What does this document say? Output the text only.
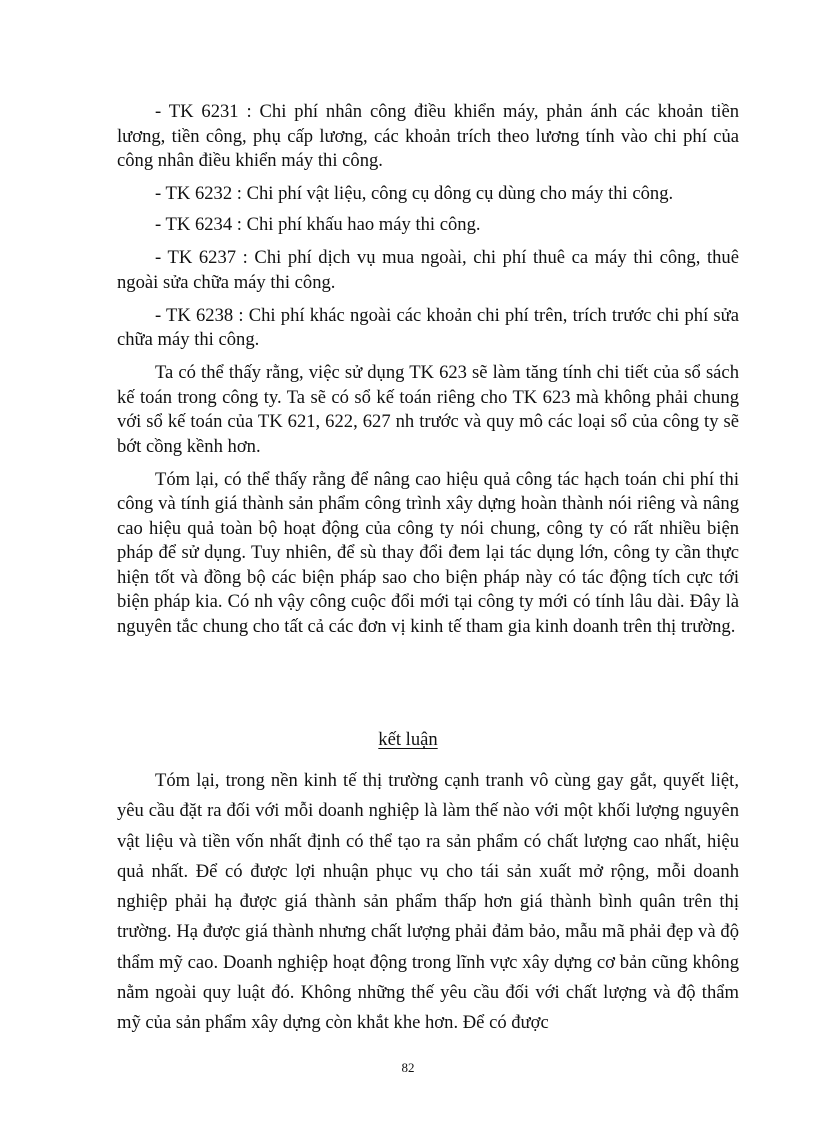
- TK 6231 : Chi phí nhân công điều khiển máy, phản ánh các khoản tiền lương, tiền công, phụ cấp lương, các khoản trích theo lương tính vào chi phí của công nhân điều khiển máy thi công.

- TK 6232 : Chi phí vật liệu, công cụ dông cụ dùng cho máy thi công.

- TK 6234 : Chi phí khấu hao máy thi công.

- TK 6237 : Chi phí dịch vụ mua ngoài, chi phí thuê ca máy thi công, thuê ngoài sửa chữa máy thi công.

- TK 6238 : Chi phí khác ngoài các khoản chi phí trên, trích trước chi phí sửa chữa máy thi công.

Ta có thể thấy rằng, việc sử dụng TK 623 sẽ làm tăng tính chi tiết của sổ sách kế toán trong công ty. Ta sẽ có sổ kế toán riêng cho TK 623 mà không phải chung với sổ kế toán của TK 621, 622, 627 nh trước và quy mô các loại sổ của công ty sẽ bớt cồng kềnh hơn.

Tóm lại, có thể thấy rằng để nâng cao hiệu quả công tác hạch toán chi phí thi công và tính giá thành sản phẩm công trình xây dựng hoàn thành nói riêng và nâng cao hiệu quả toàn bộ hoạt động của công ty nói chung, công ty có rất nhiều biện pháp để sử dụng. Tuy nhiên, để sù thay đổi đem lại tác dụng lớn, công ty cần thực hiện tốt và đồng bộ các biện pháp sao cho biện pháp này có tác động tích cực tới biện pháp kia. Có nh vậy công cuộc đổi mới tại công ty mới có tính lâu dài. Đây là nguyên tắc chung cho tất cả các đơn vị kinh tế tham gia kinh doanh trên thị trường.

kết luận

Tóm lại, trong nền kinh tế thị trường cạnh tranh vô cùng gay gắt, quyết liệt, yêu cầu đặt ra đối với mỗi doanh nghiệp là làm thế nào với một khối lượng nguyên vật liệu và tiền vốn nhất định có thể tạo ra sản phẩm có chất lượng cao nhất, hiệu quả nhất. Để có được lợi nhuận phục vụ cho tái sản xuất mở rộng, mỗi doanh nghiệp phải hạ được giá thành sản phẩm thấp hơn giá thành bình quân trên thị trường. Hạ được giá thành nhưng chất lượng phải đảm bảo, mẫu mã phải đẹp và độ thẩm mỹ cao. Doanh nghiệp hoạt động trong lĩnh vực xây dựng cơ bản cũng không nằm ngoài quy luật đó. Không những thế yêu cầu đối với chất lượng và độ thẩm mỹ của sản phẩm xây dựng còn khắt khe hơn. Để có được

82
